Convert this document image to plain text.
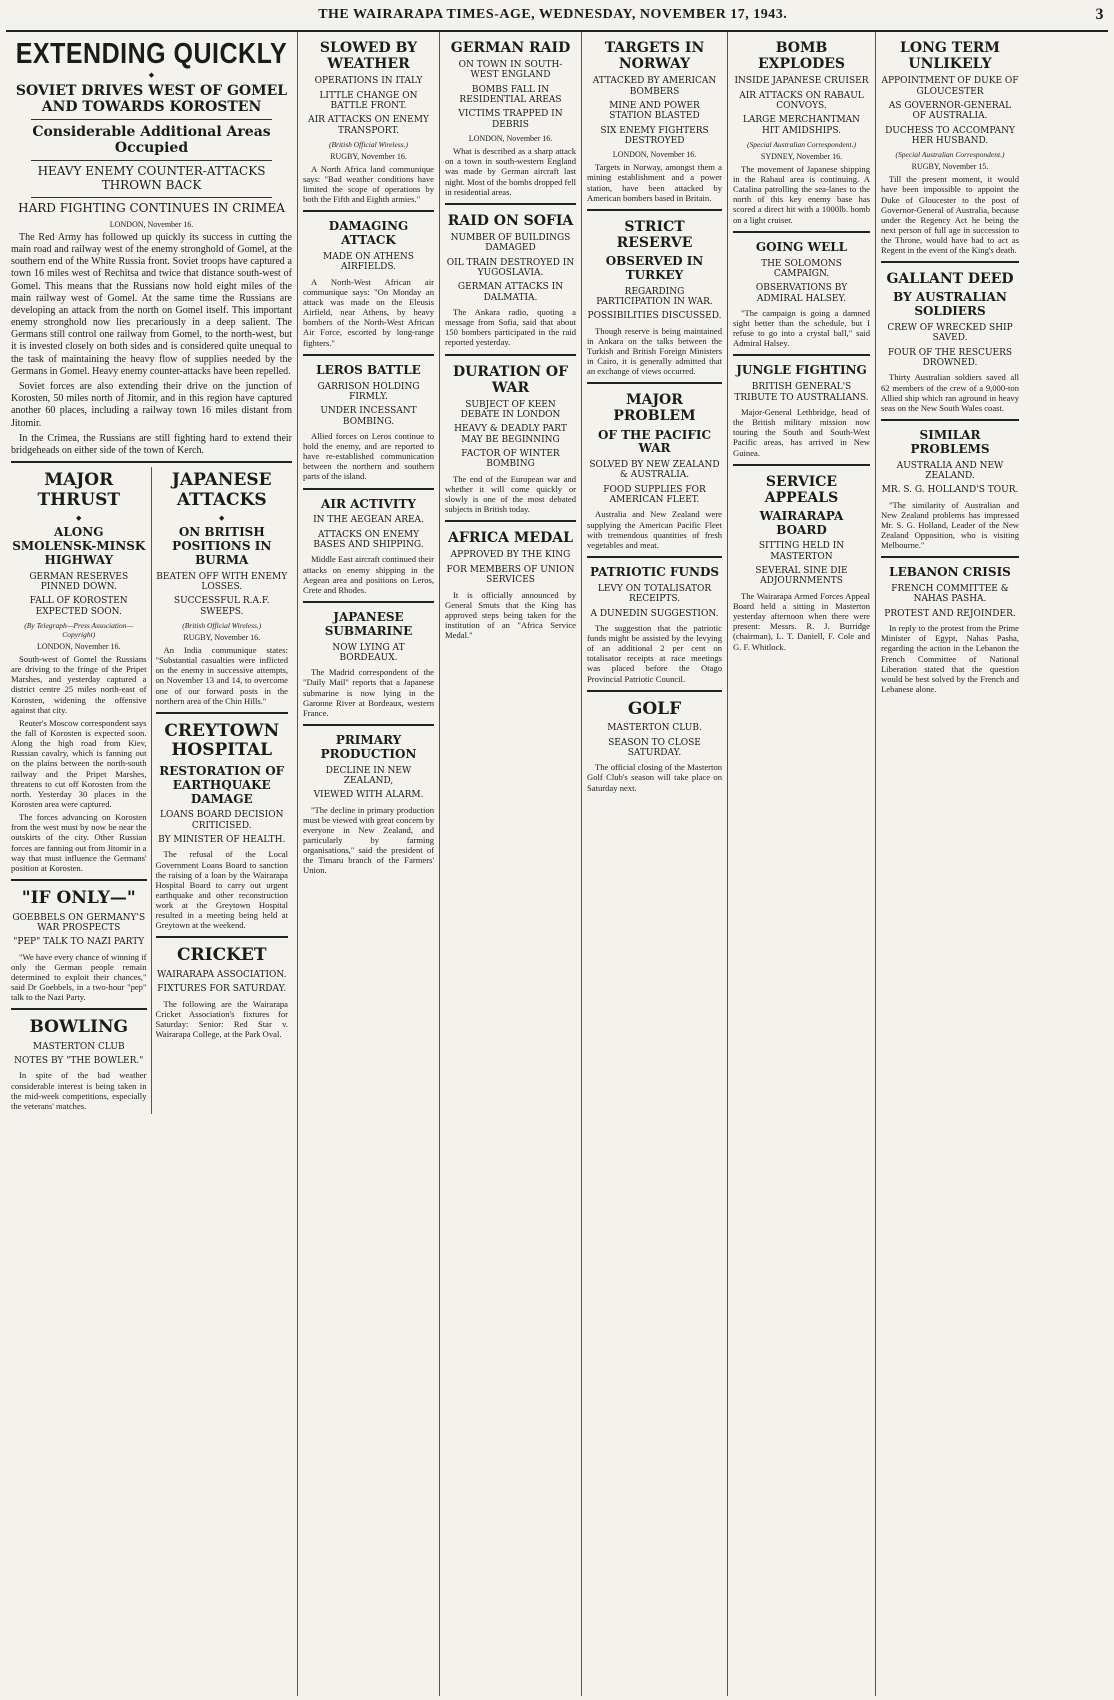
THE WAIRARAPA TIMES-AGE, WEDNESDAY, NOVEMBER 17, 1943.	3
EXTENDING QUICKLY
◆
SOVIET DRIVES WEST OF GOMEL AND TOWARDS KOROSTEN
Considerable Additional Areas Occupied
HEAVY ENEMY COUNTER-ATTACKS THROWN BACK
HARD FIGHTING CONTINUES IN CRIMEA
LONDON, November 16.

The Red Army has followed up quickly its success in cutting the main road and railway west of the enemy stronghold of Gomel, at the southern end of the White Russia front. Soviet troops have captured a town 16 miles west of Rechitsa and twice that distance south-west of Gomel. This means that the Russians now hold eight miles of the main railway west of Gomel. At the same time the Russians are developing an attack from the north on Gomel itself. This important enemy stronghold now lies precariously in a deep salient. The Germans still control one railway from Gomel, to the north-west, but it is invested closely on both sides and is considered quite unequal to the task of maintaining the heavy flow of supplies needed by the Germans in Gomel. Heavy enemy counter-attacks have been repelled.

Soviet forces are also extending their drive on the junction of Korosten, 50 miles north of Jitomir, and in this region have captured another 60 places, including a railway town 16 miles distant from Jitomir.

In the Crimea, the Russians are still fighting hard to extend their bridgeheads on either side of the town of Kerch.

MAJOR THRUST
◆
ALONG SMOLENSK-MINSK HIGHWAY
GERMAN RESERVES PINNED DOWN.
FALL OF KOROSTEN EXPECTED SOON.
(By Telegraph—Press Association—Copyright)
LONDON, November 16.

South-west of Gomel the Russians are driving to the fringe of the Pripet Marshes, and yesterday captured a district centre 25 miles north-east of Korosten, widening the offensive against that city.

Reuter's Moscow correspondent says the fall of Korosten is expected soon. Along the high road from Kiev, Russian cavalry, which is fanning out on the plains between the north-south railway and the Pripet Marshes, threatens to cut off Korosten from the north. Yesterday 30 places in the Korosten area were captured.

The forces advancing on Korosten from the west must by now be near the outskirts of the city. Other Russian forces are fanning out from Jitomir in a way that must influence the Germans' position at Korosten.

"IF ONLY—"
GOEBBELS ON GERMANY'S WAR PROSPECTS
"PEP" TALK TO NAZI PARTY

"We have every chance of winning if only the German people remain determined to exploit their chances," said Dr Goebbels, in a two-hour "pep" talk to the Nazi Party.

BOWLING
MASTERTON CLUB
NOTES BY "THE BOWLER."

In spite of the bad weather considerable interest is being taken in the mid-week competitions, especially the veterans' matches.

JAPANESE ATTACKS
◆
ON BRITISH POSITIONS IN BURMA
BEATEN OFF WITH ENEMY LOSSES.
SUCCESSFUL R.A.F. SWEEPS.
(British Official Wireless.)
RUGBY, November 16.

An India communique states: "Substantial casualties were inflicted on the enemy in successive attempts, on November 13 and 14, to overcome one of our forward posts in the northern area of the Chin Hills."

CREYTOWN HOSPITAL
RESTORATION OF EARTHQUAKE DAMAGE
LOANS BOARD DECISION CRITICISED.
BY MINISTER OF HEALTH.

The refusal of the Local Government Loans Board to sanction the raising of a loan by the Wairarapa Hospital Board to carry out urgent earthquake and other reconstruction work at the Greytown Hospital resulted in a meeting being held at Greytown at the weekend.

CRICKET
WAIRARAPA ASSOCIATION.
FIXTURES FOR SATURDAY.

The following are the Wairarapa Cricket Association's fixtures for Saturday: Senior: Red Star v. Wairarapa College, at the Park Oval.

SLOWED BY WEATHER
OPERATIONS IN ITALY
LITTLE CHANGE ON BATTLE FRONT.
AIR ATTACKS ON ENEMY TRANSPORT.
(British Official Wireless.)
RUGBY, November 16.

A North Africa land communique says: "Bad weather conditions have limited the scope of operations by both the Fifth and Eighth armies."

DAMAGING ATTACK
MADE ON ATHENS AIRFIELDS.

A North-West African air communique says: "On Monday an attack was made on the Eleusis Airfield, near Athens, by heavy bombers of the North-West African Air Force, escorted by long-range fighters."

LEROS BATTLE
GARRISON HOLDING FIRMLY.
UNDER INCESSANT BOMBING.

Allied forces on Leros continue to hold the enemy, and are reported to have re-established communication between the northern and southern parts of the island.

AIR ACTIVITY
IN THE AEGEAN AREA.
ATTACKS ON ENEMY BASES AND SHIPPING.

Middle East aircraft continued their attacks on enemy shipping in the Aegean area and positions on Leros, Crete and Rhodes.

JAPANESE SUBMARINE
NOW LYING AT BORDEAUX.

The Madrid correspondent of the "Daily Mail" reports that a Japanese submarine is now lying in the Garonne River at Bordeaux, western France.

PRIMARY PRODUCTION
DECLINE IN NEW ZEALAND,
VIEWED WITH ALARM.

"The decline in primary production must be viewed with great concern by everyone in New Zealand, and particularly by farming organisations," said the president of the Timaru branch of the Farmers' Union.

GERMAN RAID
ON TOWN IN SOUTH-WEST ENGLAND
BOMBS FALL IN RESIDENTIAL AREAS
VICTIMS TRAPPED IN DEBRIS
LONDON, November 16.

What is described as a sharp attack on a town in south-western England was made by German aircraft last night. Most of the bombs dropped fell in residential areas.

RAID ON SOFIA
NUMBER OF BUILDINGS DAMAGED
OIL TRAIN DESTROYED IN YUGOSLAVIA.
GERMAN ATTACKS IN DALMATIA.

The Ankara radio, quoting a message from Sofia, said that about 150 bombers participated in the raid reported yesterday.

DURATION OF WAR
SUBJECT OF KEEN DEBATE IN LONDON
HEAVY & DEADLY PART MAY BE BEGINNING
FACTOR OF WINTER BOMBING

The end of the European war and whether it will come quickly or slowly is one of the most debated subjects in British today.

AFRICA MEDAL
APPROVED BY THE KING
FOR MEMBERS OF UNION SERVICES

It is officially announced by General Smuts that the King has approved steps being taken for the institution of an "Africa Service Medal."

TARGETS IN NORWAY
ATTACKED BY AMERICAN BOMBERS
MINE AND POWER STATION BLASTED
SIX ENEMY FIGHTERS DESTROYED
LONDON, November 16.

Targets in Norway, amongst them a mining establishment and a power station, have been attacked by American bombers based in Britain.

STRICT RESERVE
OBSERVED IN TURKEY
REGARDING PARTICIPATION IN WAR.
POSSIBILITIES DISCUSSED.

Though reserve is being maintained in Ankara on the talks between the Turkish and British Foreign Ministers in Cairo, it is generally admitted that an exchange of views occurred.

MAJOR PROBLEM
OF THE PACIFIC WAR
SOLVED BY NEW ZEALAND & AUSTRALIA.
FOOD SUPPLIES FOR AMERICAN FLEET.

Australia and New Zealand were supplying the American Pacific Fleet with tremendous quantities of fresh vegetables and meat.

PATRIOTIC FUNDS
LEVY ON TOTALISATOR RECEIPTS.
A DUNEDIN SUGGESTION.

The suggestion that the patriotic funds might be assisted by the levying of an additional 2 per cent on totalisator receipts at race meetings was placed before the Otago Provincial Patriotic Council.

GOLF
MASTERTON CLUB.
SEASON TO CLOSE SATURDAY.

The official closing of the Masterton Golf Club's season will take place on Saturday next.

BOMB EXPLODES
INSIDE JAPANESE CRUISER
AIR ATTACKS ON RABAUL CONVOYS.
LARGE MERCHANTMAN HIT AMIDSHIPS.
(Special Australian Correspondent.)
SYDNEY, November 16.

The movement of Japanese shipping in the Rabaul area is continuing. A Catalina patrolling the sea-lanes to the north of this key enemy base has scored a direct hit with a 1000lb. bomb on a light cruiser.

GOING WELL
THE SOLOMONS CAMPAIGN.
OBSERVATIONS BY ADMIRAL HALSEY.

"The campaign is going a damned sight better than the schedule, but I refuse to go into a crystal ball," said Admiral Halsey.

JUNGLE FIGHTING
BRITISH GENERAL'S TRIBUTE TO AUSTRALIANS.

Major-General Lethbridge, head of the British military mission now touring the South and South-West Pacific areas, has arrived in New Guinea.

SERVICE APPEALS
WAIRARAPA BOARD
SITTING HELD IN MASTERTON
SEVERAL SINE DIE ADJOURNMENTS

The Wairarapa Armed Forces Appeal Board held a sitting in Masterton yesterday afternoon when there were present: Messrs. R. J. Burridge (chairman), L. T. Daniell, F. Cole and G. F. Whitlock.

LONG TERM UNLIKELY
APPOINTMENT OF DUKE OF GLOUCESTER
AS GOVERNOR-GENERAL OF AUSTRALIA.
DUCHESS TO ACCOMPANY HER HUSBAND.
(Special Australian Correspondent.)
RUGBY, November 15.

Till the present moment, it would have been impossible to appoint the Duke of Gloucester to the post of Governor-General of Australia, because under the Regency Act he being the next person of full age in succession to the Throne, would have had to act as Regent in the event of the King's death.

GALLANT DEED
BY AUSTRALIAN SOLDIERS
CREW OF WRECKED SHIP SAVED.
FOUR OF THE RESCUERS DROWNED.

Thirty Australian soldiers saved all 62 members of the crew of a 9,000-ton Allied ship which ran aground in heavy seas on the New South Wales coast.

SIMILAR PROBLEMS
AUSTRALIA AND NEW ZEALAND.
MR. S. G. HOLLAND'S TOUR.

"The similarity of Australian and New Zealand problems has impressed Mr. S. G. Holland, Leader of the New Zealand Opposition, who is visiting Melbourne."

LEBANON CRISIS
FRENCH COMMITTEE & NAHAS PASHA.
PROTEST AND REJOINDER.

In reply to the protest from the Prime Minister of Egypt, Nahas Pasha, regarding the action in the Lebanon the French Committee of National Liberation stated that the question would be best solved by the French and Lebanese alone.
